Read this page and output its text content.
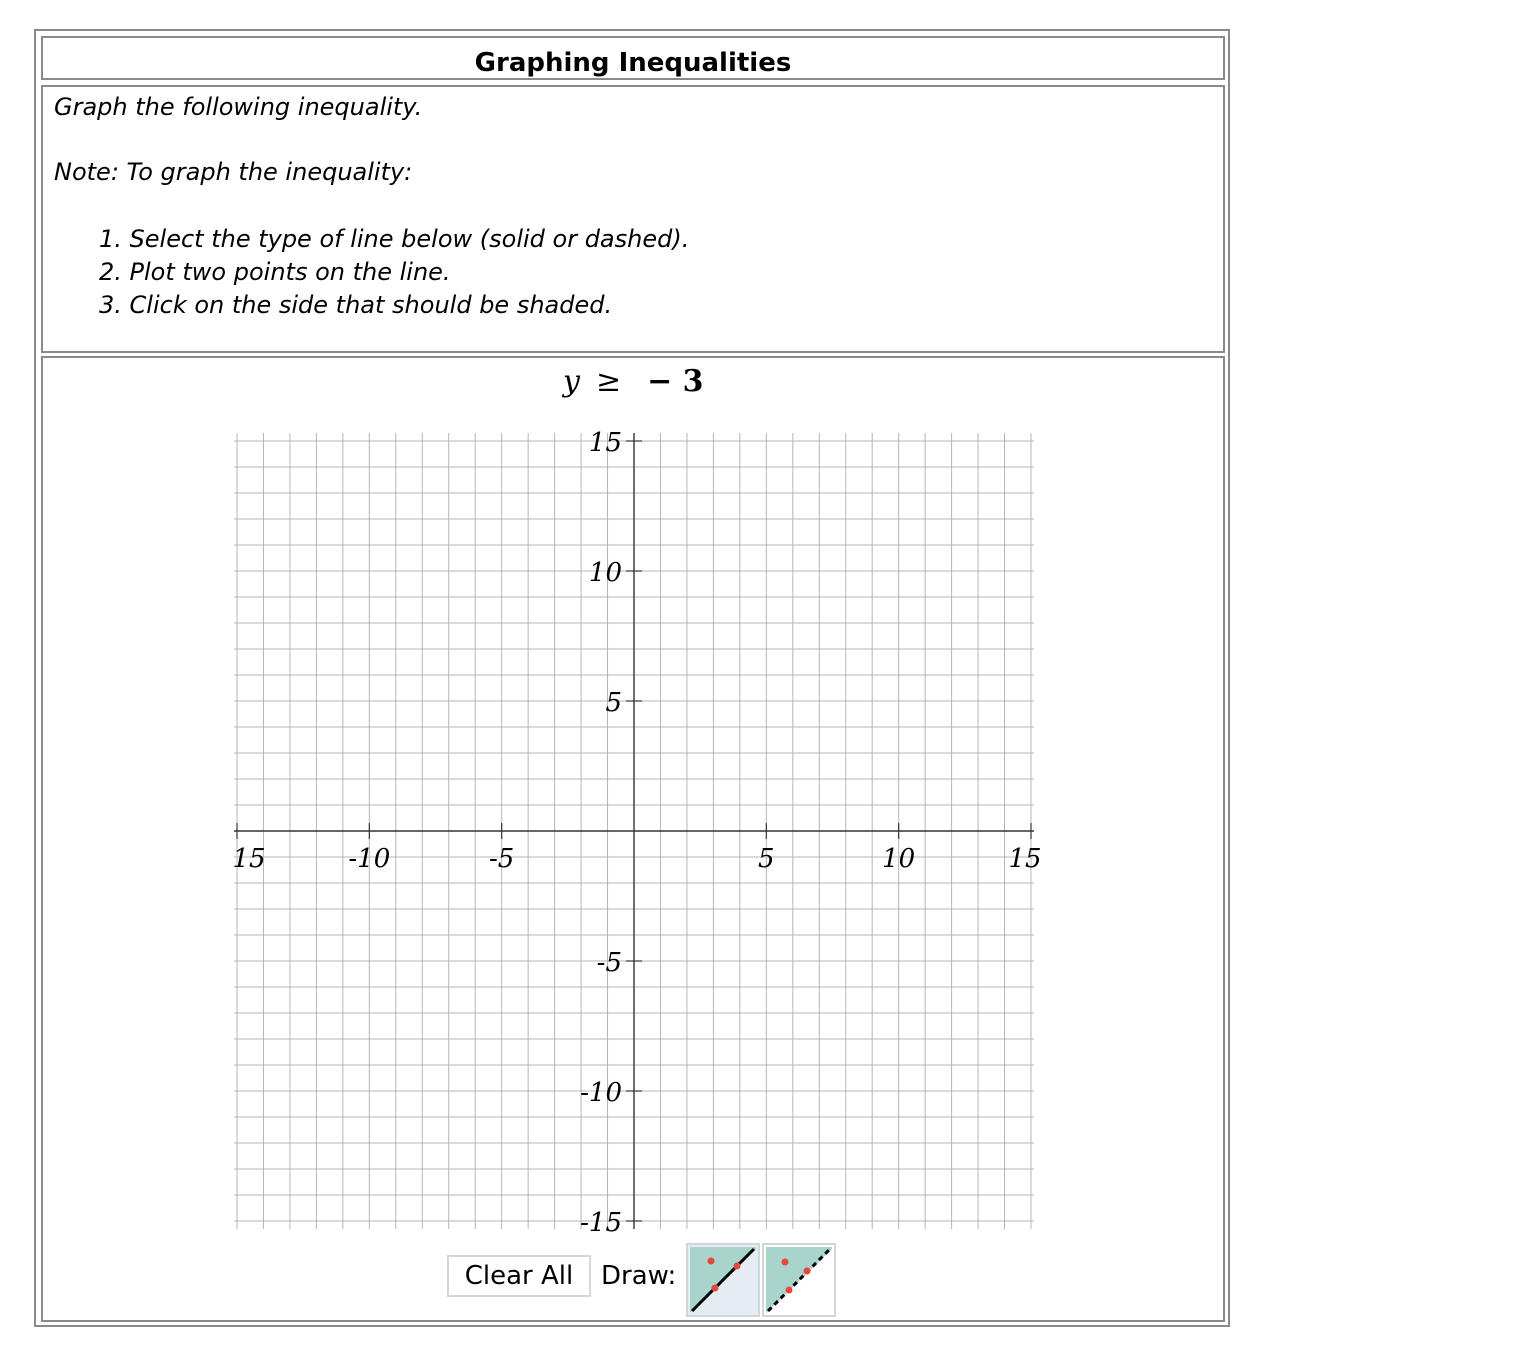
Graphing Inequalities
Graph the following inequality.
Note: To graph the inequality:
1. Select the type of line below (solid or dashed).
2. Plot two points on the line.
3. Click on the side that should be shaded.
y ≥ − 3
15	-10	-5	5	10	15
15
10
5
-5
-10
-15
Clear All	Draw:
